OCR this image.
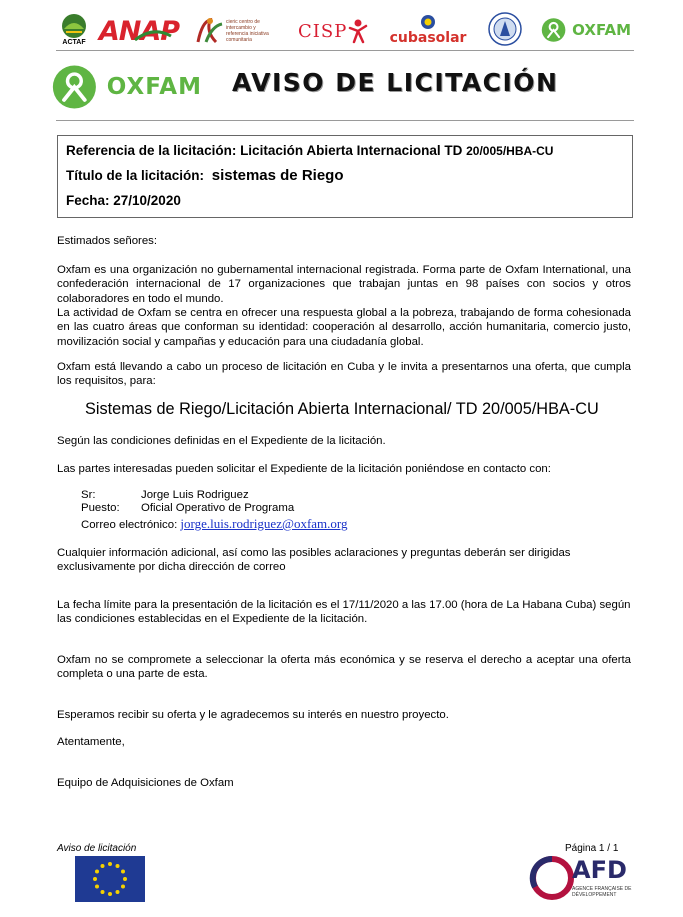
ACTAF ANAP	cieric centro de intercambio y referencia iniciativa comunitaria	CISP	cubasolar	OXFAM
OXFAM AVISO DE LICITACIÓN
Referencia de la licitación: Licitación Abierta Internacional TD 20/005/HBA-CU
Título de la licitación: sistemas de Riego
Fecha: 27/10/2020
Estimados señores:
Oxfam es una organización no gubernamental internacional registrada. Forma parte de Oxfam International, una confederación internacional de 17 organizaciones que trabajan juntas en 98 países con socios y otros colaboradores en todo el mundo.
La actividad de Oxfam se centra en ofrecer una respuesta global a la pobreza, trabajando de forma cohesionada en las cuatro áreas que conforman su identidad: cooperación al desarrollo, acción humanitaria, comercio justo, movilización social y campañas y educación para una ciudadanía global.
Oxfam está llevando a cabo un proceso de licitación en Cuba y le invita a presentarnos una oferta, que cumpla los requisitos, para:
Sistemas de Riego/Licitación Abierta Internacional/ TD 20/005/HBA-CU
Según las condiciones definidas en el Expediente de la licitación.
Las partes interesadas pueden solicitar el Expediente de la licitación poniéndose en contacto con:
Sr:	Jorge Luis Rodriguez
Puesto: Oficial Operativo de Programa
Correo electrónico: jorge.luis.rodriguez@oxfam.org
Cualquier información adicional, así como las posibles aclaraciones y preguntas deberán ser dirigidas exclusivamente por dicha dirección de correo
La fecha límite para la presentación de la licitación es el 17/11/2020 a las 17.00 (hora de La Habana Cuba) según las condiciones establecidas en el Expediente de la licitación.
Oxfam no se compromete a seleccionar la oferta más económica y se reserva el derecho a aceptar una oferta completa o una parte de esta.
Esperamos recibir su oferta y le agradecemos su interés en nuestro proyecto.
Atentamente,
Equipo de Adquisiciones de Oxfam
Aviso de licitación	Página 1 / 1
AFD
AGENCE FRANÇAISE DE DÉVELOPPEMENT
